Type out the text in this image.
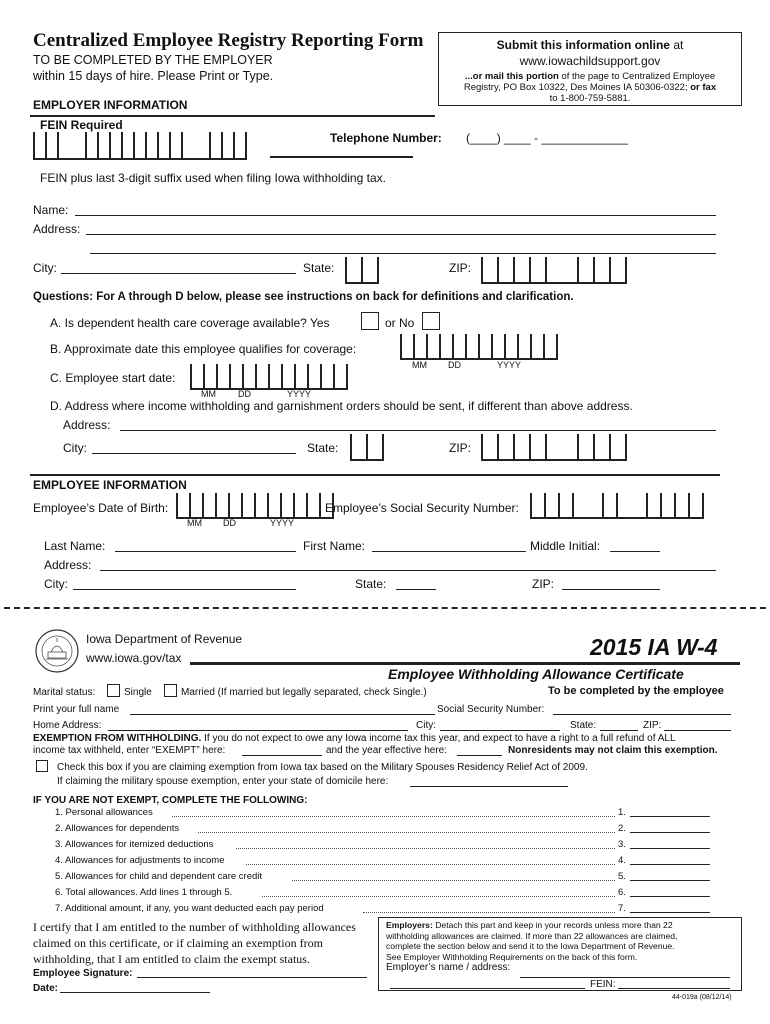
Centralized Employee Registry Reporting Form
TO BE COMPLETED BY THE EMPLOYER
within 15 days of hire. Please Print or Type.
Submit this information online at
www.iowachildsupport.gov
...or mail this portion of the page to Centralized Employee
Registry, PO Box 10322, Des Moines IA 50306-0322; or fax
to 1-800-759-5881.
EMPLOYER INFORMATION
FEIN Required
Telephone Number: (____) ____ - _____________
FEIN plus last 3-digit suffix used when filing Iowa withholding tax.
Name:
Address:
City:	State:	ZIP:
Questions: For A through D below, please see instructions on back for definitions and clarification.
A. Is dependent health care coverage available? Yes	or No
B. Approximate date this employee qualifies for coverage:
MM DD	YYYY
C. Employee start date:
MM DD	YYYY
D. Address where income withholding and garnishment orders should be sent, if different than above address.
Address:
City:	State:	ZIP:
EMPLOYEE INFORMATION
Employee’s Date of Birth:
MM DD	YYYY
Employee’s Social Security Number:
Last Name:	First Name:	Middle Initial:
Address:
City:	State:	ZIP:
Iowa Department of Revenue
www.iowa.gov/tax	2015 IA W-4
Employee Withholding Allowance Certificate
Marital status:	Single	Married (If married but legally separated, check Single.)	To be completed by the employee
Print your full name	Social Security Number:
Home Address:	City:	State:	ZIP:
EXEMPTION FROM WITHHOLDING. If you do not expect to owe any Iowa income tax this year, and expect to have a right to a full refund of ALL
income tax withheld, enter “EXEMPT” here:	and the year effective here:	Nonresidents may not claim this exemption.
Check this box if you are claiming exemption from Iowa tax based on the Military Spouses Residency Relief Act of 2009.
If claiming the military spouse exemption, enter your state of domicile here:
IF YOU ARE NOT EXEMPT, COMPLETE THE FOLLOWING:
1. Personal allowances	1.
2. Allowances for dependents	2.
3. Allowances for itemized deductions	3.
4. Allowances for adjustments to income	4.
5. Allowances for child and dependent care credit	5.
6. Total allowances. Add lines 1 through 5.	6.
7. Additional amount, if any, you want deducted each pay period	7.
I certify that I am entitled to the number of withholding allowances
claimed on this certificate, or if claiming an exemption from
withholding, that I am entitled to claim the exempt status.
Employee Signature:
Date:
Employers: Detach this part and keep in your records unless more than 22
withholding allowances are claimed. If more than 22 allowances are claimed,
complete the section below and send it to the Iowa Department of Revenue.
See Employer Withholding Requirements on the back of this form.
Employer’s name / address:
FEIN:
44-019a (08/12/14)
